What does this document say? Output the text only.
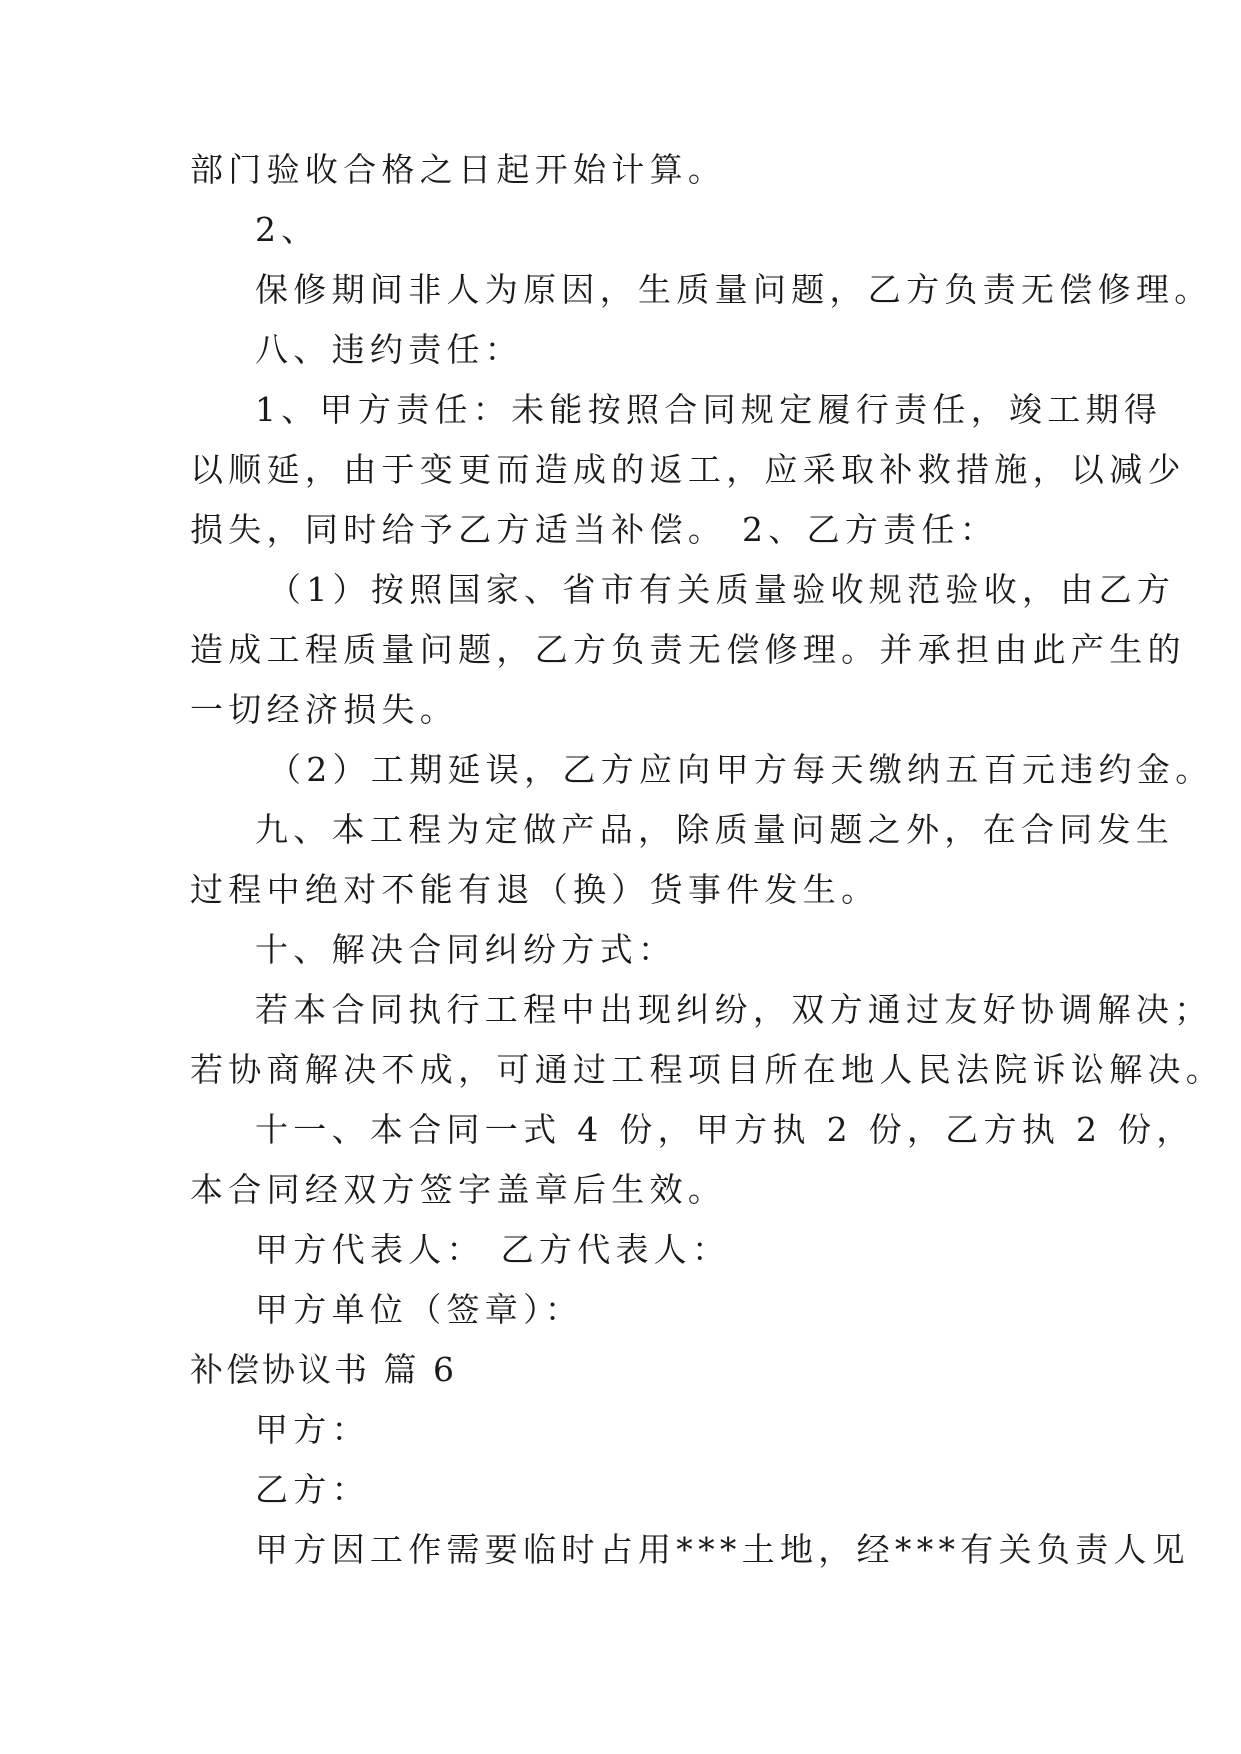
部门验收合格之日起开始计算。

2、

保修期间非人为原因，生质量问题，乙方负责无偿修理。

八、违约责任：

1、甲方责任：未能按照合同规定履行责任，竣工期得

以顺延，由于变更而造成的返工，应采取补救措施，以减少

损失，同时给予乙方适当补偿。 2、乙方责任：

（1）按照国家、省市有关质量验收规范验收，由乙方

造成工程质量问题，乙方负责无偿修理。并承担由此产生的

一切经济损失。

（2）工期延误，乙方应向甲方每天缴纳五百元违约金。

九、本工程为定做产品，除质量问题之外，在合同发生

过程中绝对不能有退（换）货事件发生。

十、解决合同纠纷方式：

若本合同执行工程中出现纠纷，双方通过友好协调解决；

若协商解决不成，可通过工程项目所在地人民法院诉讼解决。

十一、本合同一式 4 份，甲方执 2 份，乙方执 2 份，

本合同经双方签字盖章后生效。

甲方代表人： 乙方代表人：

甲方单位（签章）：

补偿协议书 篇 6

甲方：

乙方：

甲方因工作需要临时占用***土地，经***有关负责人见
